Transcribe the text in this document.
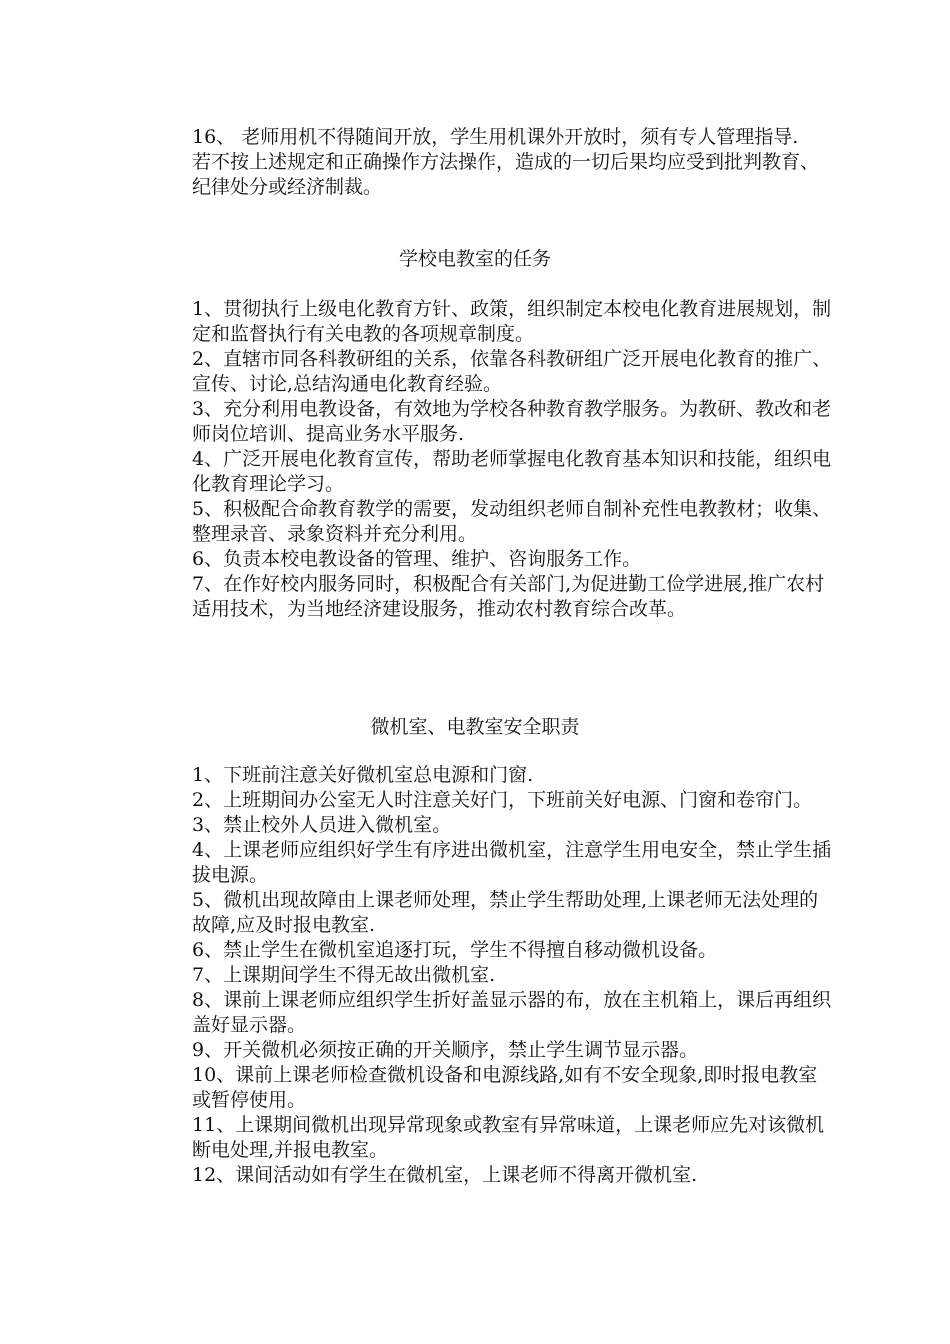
16、 老师用机不得随间开放，学生用机课外开放时，须有专人管理指导.

若不按上述规定和正确操作方法操作，造成的一切后果均应受到批判教育、纪律处分或经济制裁。

学校电教室的任务

1、贯彻执行上级电化教育方针、政策，组织制定本校电化教育进展规划，制定和监督执行有关电教的各项规章制度。

2、直辖市同各科教研组的关系，依靠各科教研组广泛开展电化教育的推广、宣传、讨论,总结沟通电化教育经验。

3、充分利用电教设备，有效地为学校各种教育教学服务。为教研、教改和老师岗位培训、提高业务水平服务.

4、广泛开展电化教育宣传，帮助老师掌握电化教育基本知识和技能，组织电化教育理论学习。

5、积极配合命教育教学的需要，发动组织老师自制补充性电教教材；收集、整理录音、录象资料并充分利用。

6、负责本校电教设备的管理、维护、咨询服务工作。

7、在作好校内服务同时，积极配合有关部门,为促进勤工俭学进展,推广农村适用技术，为当地经济建设服务，推动农村教育综合改革。

微机室、电教室安全职责

1、下班前注意关好微机室总电源和门窗.

2、上班期间办公室无人时注意关好门，下班前关好电源、门窗和卷帘门。

3、禁止校外人员进入微机室。

4、上课老师应组织好学生有序进出微机室，注意学生用电安全，禁止学生插拔电源。

5、微机出现故障由上课老师处理，禁止学生帮助处理,上课老师无法处理的故障,应及时报电教室.

6、禁止学生在微机室追逐打玩，学生不得擅自移动微机设备。

7、上课期间学生不得无故出微机室.

8、课前上课老师应组织学生折好盖显示器的布，放在主机箱上，课后再组织盖好显示器。

9、开关微机必须按正确的开关顺序，禁止学生调节显示器。

10、课前上课老师检查微机设备和电源线路,如有不安全现象,即时报电教室或暂停使用。

11、上课期间微机出现异常现象或教室有异常味道，上课老师应先对该微机断电处理,并报电教室。

12、课间活动如有学生在微机室，上课老师不得离开微机室.
